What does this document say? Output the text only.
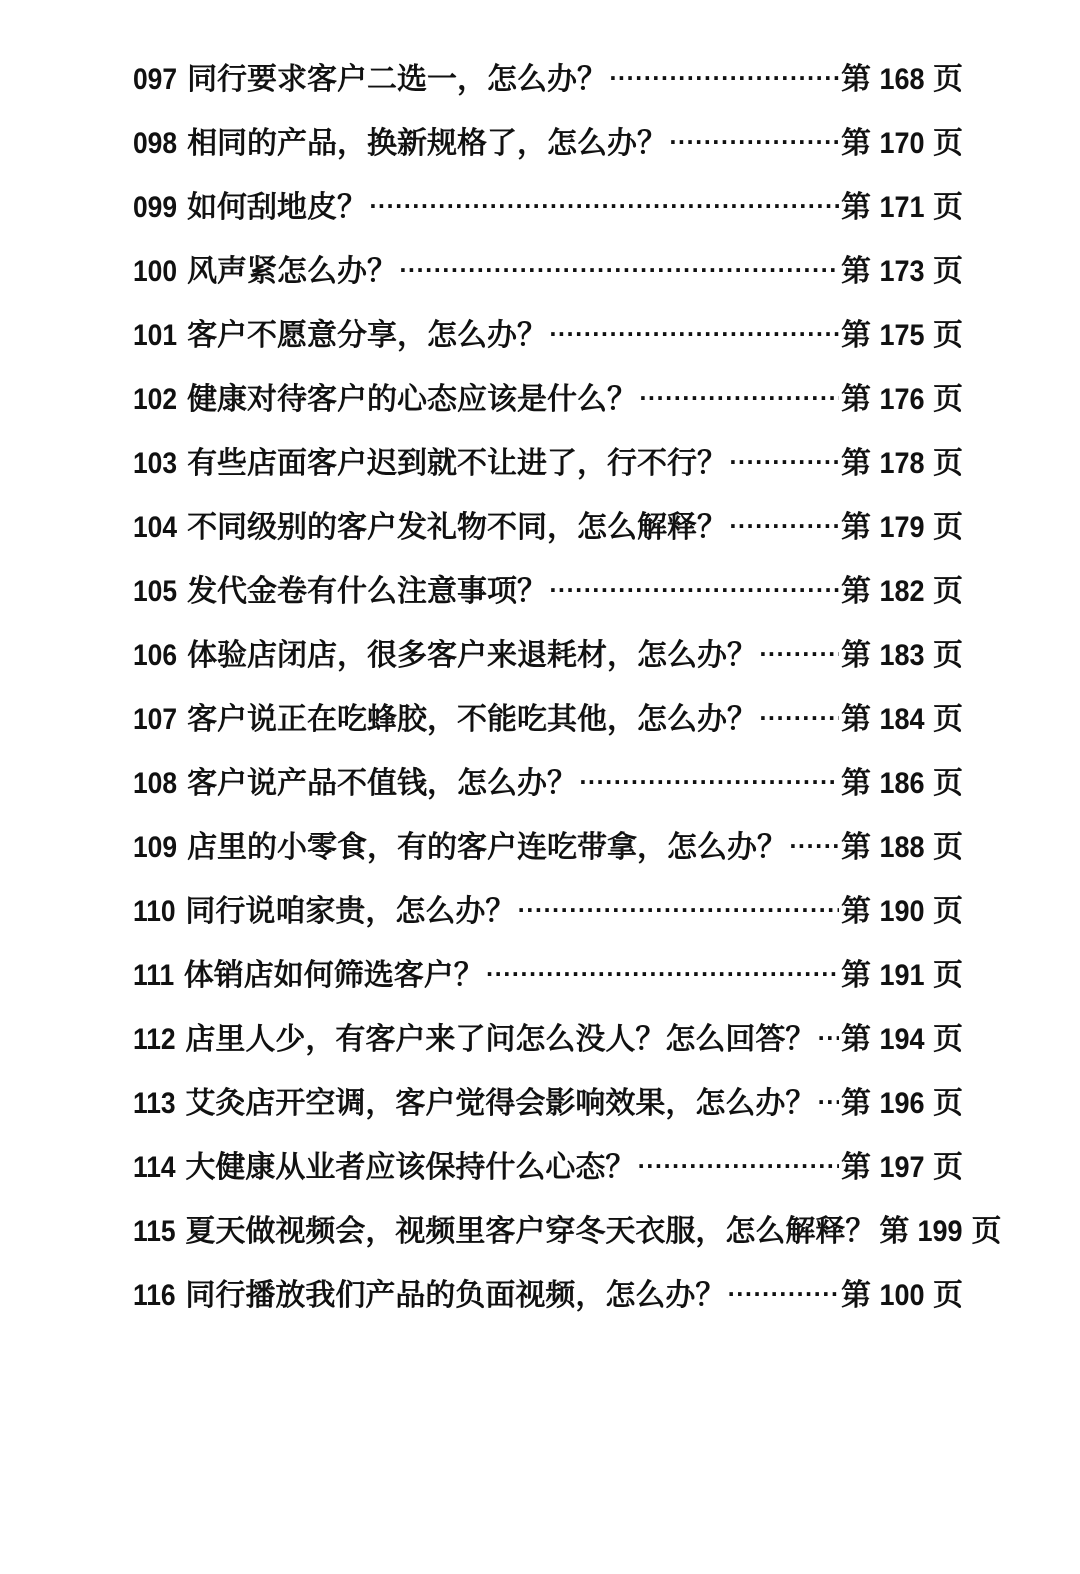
097 同行要求客户二选一，怎么办？ ·····	第 168 页
098 相同的产品，换新规格了，怎么办？ ·····	第 170 页
099 如何刮地皮？ ·····	第 171 页
100 风声紧怎么办？ ·····	第 173 页
101 客户不愿意分享，怎么办？ ·····	第 175 页
102 健康对待客户的心态应该是什么？ ·····	第 176 页
103 有些店面客户迟到就不让进了，行不行？ ·····	第 178 页
104 不同级别的客户发礼物不同，怎么解释？ ·····	第 179 页
105 发代金卷有什么注意事项？ ·····	第 182 页
106 体验店闭店，很多客户来退耗材，怎么办？ ·····	第 183 页
107 客户说正在吃蜂胶，不能吃其他，怎么办？ ·····	第 184 页
108 客户说产品不值钱，怎么办？ ·····	第 186 页
109 店里的小零食，有的客户连吃带拿，怎么办？ ····· 第 188 页
110 同行说咱家贵，怎么办？ ·····	第 190 页
111 体销店如何筛选客户？ ·····	第 191 页
112 店里人少，有客户来了问怎么没人？怎么回答？ ····· 第 194 页
113 艾灸店开空调，客户觉得会影响效果，怎么办？ ····· 第 196 页
114 大健康从业者应该保持什么心态？ ·····	第 197 页
115 夏天做视频会，视频里客户穿冬天衣服，怎么解释？ 第 199 页
116 同行播放我们产品的负面视频，怎么办？ ·····	第 100 页
